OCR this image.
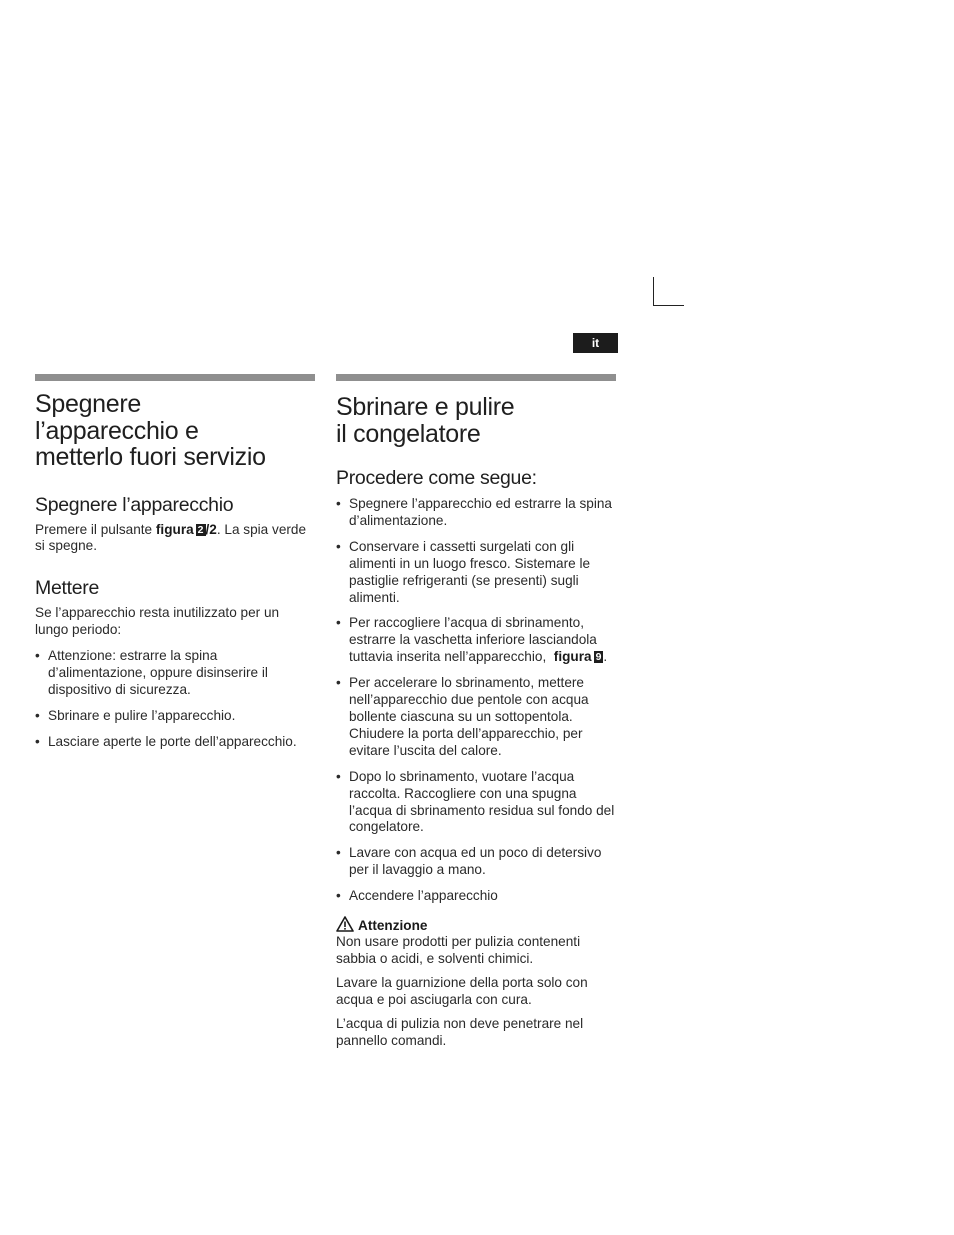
it
Spegnere
l’apparecchio e
metterlo fuori servizio
Spegnere l’apparecchio

Premere il pulsante figura 2 /2. La spia verde si spegne.

Mettere

Se l’apparecchio resta inutilizzato per un lungo periodo:

• Attenzione: estrarre la spina d’alimentazione, oppure disinserire il dispositivo di sicurezza.
• Sbrinare e pulire l’apparecchio.
• Lasciare aperte le porte dell’apparecchio.
Sbrinare e pulire
il congelatore
Procedere come segue:
• Spegnere l’apparecchio ed estrarre la spina d’alimentazione.
• Conservare i cassetti surgelati con gli alimenti in un luogo fresco. Sistemare le pastiglie refrigeranti (se presenti) sugli alimenti.
• Per raccogliere l’acqua di sbrinamento, estrarre la vaschetta inferiore lasciandola tuttavia inserita nell’apparecchio, figura 9 .
• Per accelerare lo sbrinamento, mettere nell’apparecchio due pentole con acqua bollente ciascuna su un sottopentola. Chiudere la porta dell’apparecchio, per evitare l’uscita del calore.
• Dopo lo sbrinamento, vuotare l’acqua raccolta. Raccogliere con una spugna l’acqua di sbrinamento residua sul fondo del congelatore.
• Lavare con acqua ed un poco di detersivo per il lavaggio a mano.
• Accendere l’apparecchio
Attenzione

Non usare prodotti per pulizia contenenti sabbia o acidi, e solventi chimici.

Lavare la guarnizione della porta solo con acqua e poi asciugarla con cura.

L’acqua di pulizia non deve penetrare nel pannello comandi.
